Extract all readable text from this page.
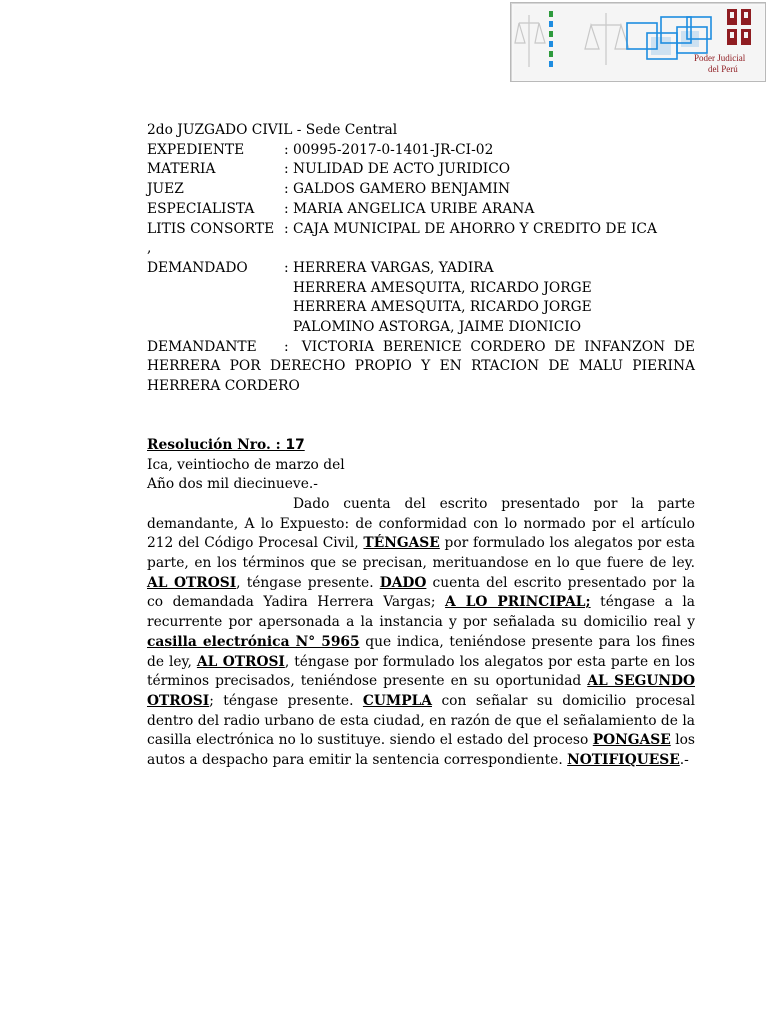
Poder Judicial
del Perú
2do JUZGADO CIVIL - Sede Central
EXPEDIENTE	: 00995-2017-0-1401-JR-CI-02
MATERIA	: NULIDAD DE ACTO JURIDICO
JUEZ	: GALDOS GAMERO BENJAMIN
ESPECIALISTA	: MARIA ANGELICA URIBE ARANA
LITIS CONSORTE : CAJA MUNICIPAL DE AHORRO Y CREDITO DE ICA
,
DEMANDADO	: HERRERA VARGAS, YADIRA
HERRERA AMESQUITA, RICARDO JORGE
HERRERA AMESQUITA, RICARDO JORGE
PALOMINO ASTORGA, JAIME DIONICIO
DEMANDANTE : VICTORIA BERENICE CORDERO DE INFANZON DE HERRERA POR DERECHO PROPIO Y EN RTACION DE MALU PIERINA HERRERA CORDERO
Resolución Nro. : 17
Ica, veintiocho de marzo del
Año dos mil diecinueve.-

Dado cuenta del escrito presentado por la parte demandante, A lo Expuesto: de conformidad con lo normado por el artículo 212 del Código Procesal Civil, TÉNGASE por formulado los alegatos por esta parte, en los términos que se precisan, merituandose en lo que fuere de ley. AL OTROSI, téngase presente. DADO cuenta del escrito presentado por la co demandada Yadira Herrera Vargas; A LO PRINCIPAL; téngase a la recurrente por apersonada a la instancia y por señalada su domicilio real y casilla electrónica N° 5965 que indica, teniéndose presente para los fines de ley, AL OTROSI, téngase por formulado los alegatos por esta parte en los términos precisados, teniéndose presente en su oportunidad AL SEGUNDO OTROSI; téngase presente. CUMPLA con señalar su domicilio procesal dentro del radio urbano de esta ciudad, en razón de que el señalamiento de la casilla electrónica no lo sustituye. siendo el estado del proceso PONGASE los autos a despacho para emitir la sentencia correspondiente. NOTIFIQUESE.-
